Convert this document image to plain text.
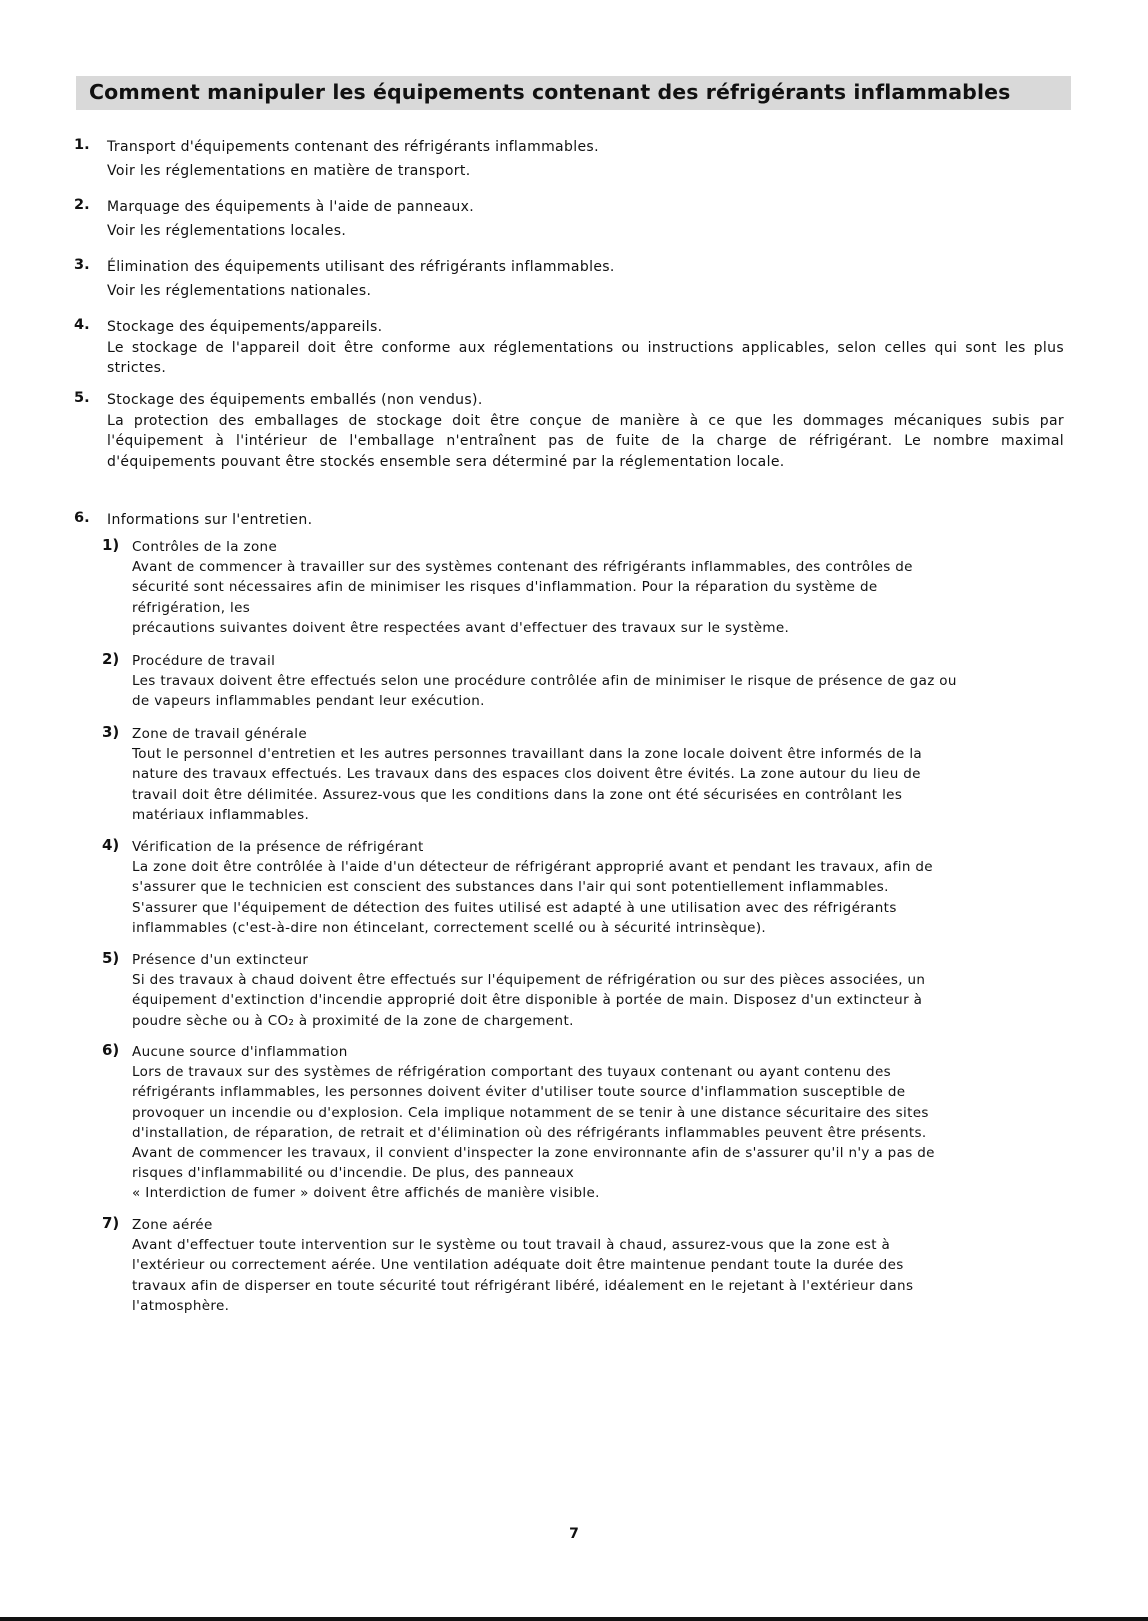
Comment manipuler les équipements contenant des réfrigérants inflammables
1. Transport d'équipements contenant des réfrigérants inflammables.

Voir les réglementations en matière de transport.

2. Marquage des équipements à l'aide de panneaux.

Voir les réglementations locales.

3. Élimination des équipements utilisant des réfrigérants inflammables.

Voir les réglementations nationales.

4. Stockage des équipements/appareils.

Le stockage de l'appareil doit être conforme aux réglementations ou instructions applicables, selon celles qui sont les plus strictes.

5. Stockage des équipements emballés (non vendus).

La protection des emballages de stockage doit être conçue de manière à ce que les dommages mécaniques subis par l'équipement à l'intérieur de l'emballage n'entraînent pas de fuite de la charge de réfrigérant. Le nombre maximal d'équipements pouvant être stockés ensemble sera déterminé par la réglementation locale.

6. Informations sur l'entretien.
1) Contrôles de la zone

Avant de commencer à travailler sur des systèmes contenant des réfrigérants inflammables, des contrôles de
sécurité sont nécessaires afin de minimiser les risques d'inflammation. Pour la réparation du système de
réfrigération, les
précautions suivantes doivent être respectées avant d'effectuer des travaux sur le système.

2) Procédure de travail

Les travaux doivent être effectués selon une procédure contrôlée afin de minimiser le risque de présence de gaz ou
de vapeurs inflammables pendant leur exécution.

3) Zone de travail générale

Tout le personnel d'entretien et les autres personnes travaillant dans la zone locale doivent être informés de la
nature des travaux effectués. Les travaux dans des espaces clos doivent être évités. La zone autour du lieu de
travail doit être délimitée. Assurez-vous que les conditions dans la zone ont été sécurisées en contrôlant les
matériaux inflammables.

4) Vérification de la présence de réfrigérant

La zone doit être contrôlée à l'aide d'un détecteur de réfrigérant approprié avant et pendant les travaux, afin de
s'assurer que le technicien est conscient des substances dans l'air qui sont potentiellement inflammables.
S'assurer que l'équipement de détection des fuites utilisé est adapté à une utilisation avec des réfrigérants
inflammables (c'est-à-dire non étincelant, correctement scellé ou à sécurité intrinsèque).

5) Présence d'un extincteur

Si des travaux à chaud doivent être effectués sur l'équipement de réfrigération ou sur des pièces associées, un
équipement d'extinction d'incendie approprié doit être disponible à portée de main. Disposez d'un extincteur à
poudre sèche ou à CO₂ à proximité de la zone de chargement.

6) Aucune source d'inflammation

Lors de travaux sur des systèmes de réfrigération comportant des tuyaux contenant ou ayant contenu des
réfrigérants inflammables, les personnes doivent éviter d'utiliser toute source d'inflammation susceptible de
provoquer un incendie ou d'explosion. Cela implique notamment de se tenir à une distance sécuritaire des sites
d'installation, de réparation, de retrait et d'élimination où des réfrigérants inflammables peuvent être présents.
Avant de commencer les travaux, il convient d'inspecter la zone environnante afin de s'assurer qu'il n'y a pas de
risques d'inflammabilité ou d'incendie. De plus, des panneaux
« Interdiction de fumer » doivent être affichés de manière visible.

7) Zone aérée

Avant d'effectuer toute intervention sur le système ou tout travail à chaud, assurez-vous que la zone est à
l'extérieur ou correctement aérée. Une ventilation adéquate doit être maintenue pendant toute la durée des
travaux afin de disperser en toute sécurité tout réfrigérant libéré, idéalement en le rejetant à l'extérieur dans
l'atmosphère.

7
